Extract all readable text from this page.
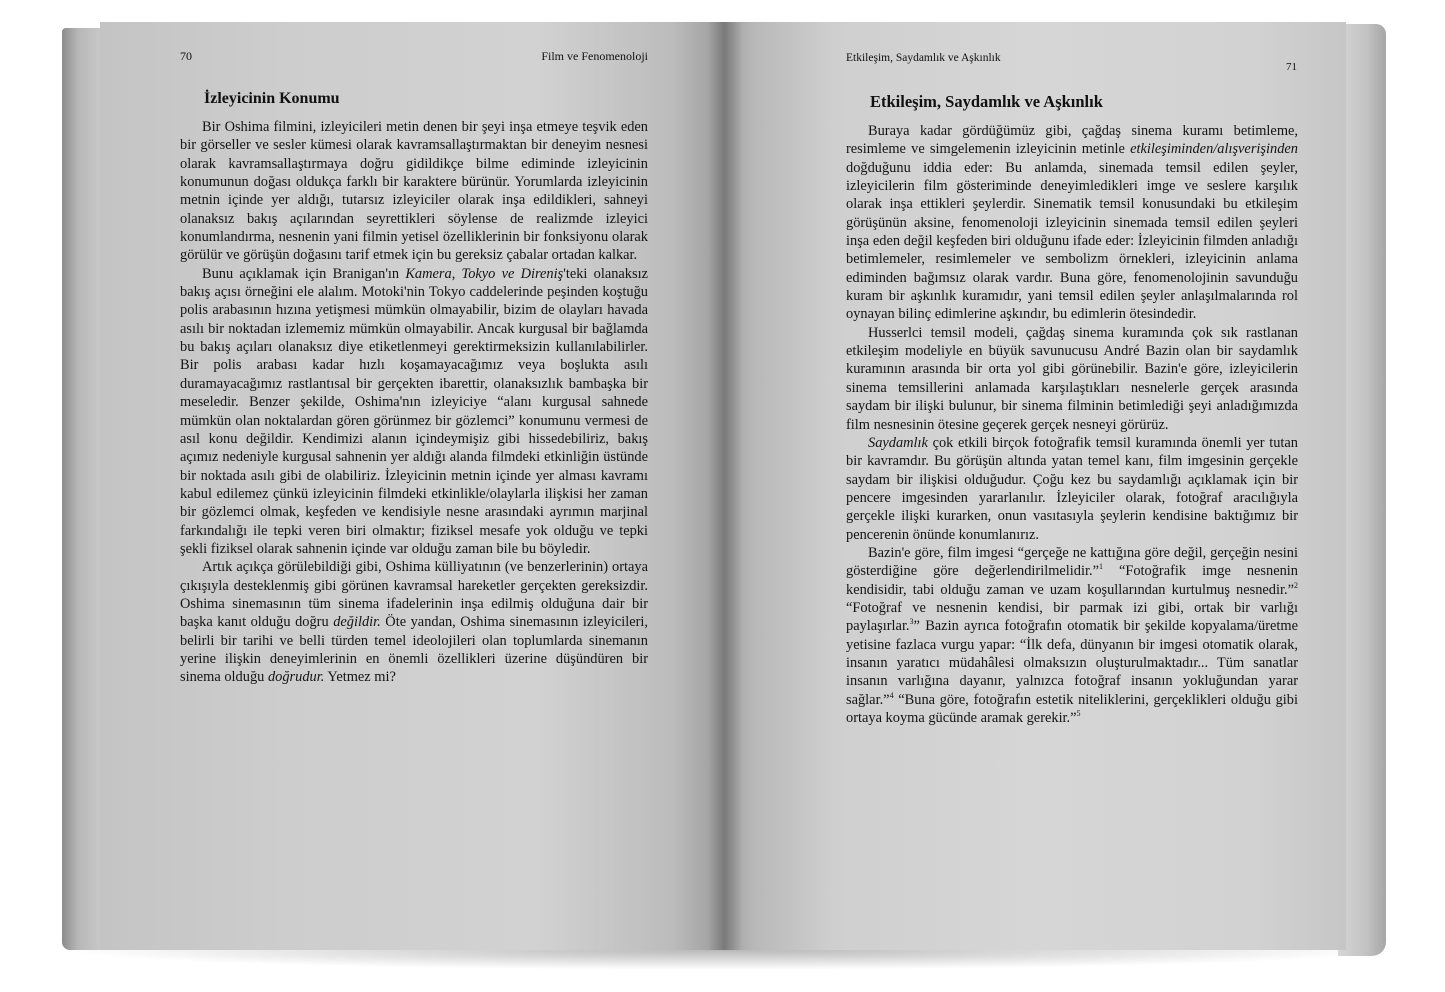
70	Film ve Fenomenoloji
İzleyicinin Konumu

Bir Oshima filmini, izleyicileri metin denen bir şeyi inşa etmeye teşvik eden bir görseller ve sesler kümesi olarak kavramsallaştırmaktan bir deneyim nesnesi olarak kavramsallaştırmaya doğru gidildikçe bilme ediminde izleyicinin konumunun doğası oldukça farklı bir karaktere bürünür. Yorumlarda izleyicinin metnin içinde yer aldığı, tutarsız izleyiciler olarak inşa edildikleri, sahneyi olanaksız bakış açılarından seyrettikleri söylense de realizmde izleyici konumlandırma, nesnenin yani filmin yetisel özelliklerinin bir fonksiyonu olarak görülür ve görüşün doğasını tarif etmek için bu gereksiz çabalar ortadan kalkar.

Bunu açıklamak için Branigan'ın Kamera, Tokyo ve Direniş'teki olanaksız bakış açısı örneğini ele alalım. Motoki'nin Tokyo caddelerinde peşinden koştuğu polis arabasının hızına yetişmesi mümkün olmayabilir, bizim de olayları havada asılı bir noktadan izlememiz mümkün olmayabilir. Ancak kurgusal bir bağlamda bu bakış açıları olanaksız diye etiketlenmeyi gerektirmeksizin kullanılabilirler. Bir polis arabası kadar hızlı koşamayacağımız veya boşlukta asılı duramayacağımız rastlantısal bir gerçekten ibarettir, olanaksızlık bambaşka bir meseledir. Benzer şekilde, Oshima'nın izleyiciye “alanı kurgusal sahnede mümkün olan noktalardan gören görünmez bir gözlemci” konumunu vermesi de asıl konu değildir. Kendimizi alanın içindeymişiz gibi hissedebiliriz, bakış açımız nedeniyle kurgusal sahnenin yer aldığı alanda filmdeki etkinliğin üstünde bir noktada asılı gibi de olabiliriz. İzleyicinin metnin içinde yer alması kavramı kabul edilemez çünkü izleyicinin filmdeki etkinlikle/olaylarla ilişkisi her zaman bir gözlemci olmak, keşfeden ve kendisiyle nesne arasındaki ayrımın marjinal farkındalığı ile tepki veren biri olmaktır; fiziksel mesafe yok olduğu ve tepki şekli fiziksel olarak sahnenin içinde var olduğu zaman bile bu böyledir.

Artık açıkça görülebildiği gibi, Oshima külliyatının (ve benzerlerinin) ortaya çıkışıyla desteklenmiş gibi görünen kavramsal hareketler gerçekten gereksizdir. Oshima sinemasının tüm sinema ifadelerinin inşa edilmiş olduğuna dair bir başka kanıt olduğu doğru değildir. Öte yandan, Oshima sinemasının izleyicileri, belirli bir tarihi ve belli türden temel ideolojileri olan toplumlarda sinemanın yerine ilişkin deneyimlerinin en önemli özellikleri üzerine düşündüren bir sinema olduğu doğrudur. Yetmez mi?

Etkileşim, Saydamlık ve Aşkınlık
71
Etkileşim, Saydamlık ve Aşkınlık

Buraya kadar gördüğümüz gibi, çağdaş sinema kuramı betimleme, resimleme ve simgelemenin izleyicinin metinle etkileşiminden/alışverişinden doğduğunu iddia eder: Bu anlamda, sinemada temsil edilen şeyler, izleyicilerin film gösteriminde deneyimledikleri imge ve seslere karşılık olarak inşa ettikleri şeylerdir. Sinematik temsil konusundaki bu etkileşim görüşünün aksine, fenomenoloji izleyicinin sinemada temsil edilen şeyleri inşa eden değil keşfeden biri olduğunu ifade eder: İzleyicinin filmden anladığı betimlemeler, resimlemeler ve sembolizm örnekleri, izleyicinin anlama ediminden bağımsız olarak vardır. Buna göre, fenomenolojinin savunduğu kuram bir aşkınlık kuramıdır, yani temsil edilen şeyler anlaşılmalarında rol oynayan bilinç edimlerine aşkındır, bu edimlerin ötesindedir.

Husserlci temsil modeli, çağdaş sinema kuramında çok sık rastlanan etkileşim modeliyle en büyük savunucusu André Bazin olan bir saydamlık kuramının arasında bir orta yol gibi görünebilir. Bazin'e göre, izleyicilerin sinema temsillerini anlamada karşılaştıkları nesnelerle gerçek arasında saydam bir ilişki bulunur, bir sinema filminin betimlediği şeyi anladığımızda film nesnesinin ötesine geçerek gerçek nesneyi görürüz.

Saydamlık çok etkili birçok fotoğrafik temsil kuramında önemli yer tutan bir kavramdır. Bu görüşün altında yatan temel kanı, film imgesinin gerçekle saydam bir ilişkisi olduğudur. Çoğu kez bu saydamlığı açıklamak için bir pencere imgesinden yararlanılır. İzleyiciler olarak, fotoğraf aracılığıyla gerçekle ilişki kurarken, onun vasıtasıyla şeylerin kendisine baktığımız bir pencerenin önünde konumlanırız.

Bazin'e göre, film imgesi “gerçeğe ne kattığına göre değil, gerçeğin nesini gösterdiğine göre değerlendirilmelidir.”$^1$ “Fotoğrafik imge nesnenin kendisidir, tabi olduğu zaman ve uzam koşullarından kurtulmuş nesnedir.”$^2$ “Fotoğraf ve nesnenin kendisi, bir parmak izi gibi, ortak bir varlığı paylaşırlar.$^3$” Bazin ayrıca fotoğrafın otomatik bir şekilde kopyalama/üretme yetisine fazlaca vurgu yapar: “İlk defa, dünyanın bir imgesi otomatik olarak, insanın yaratıcı müdahâlesi olmaksızın oluşturulmaktadır... Tüm sanatlar insanın varlığına dayanır, yalnızca fotoğraf insanın yokluğundan yarar sağlar.”$^4$ “Buna göre, fotoğrafın estetik niteliklerini, gerçeklikleri olduğu gibi ortaya koyma gücünde aramak gerekir.”$^5$
